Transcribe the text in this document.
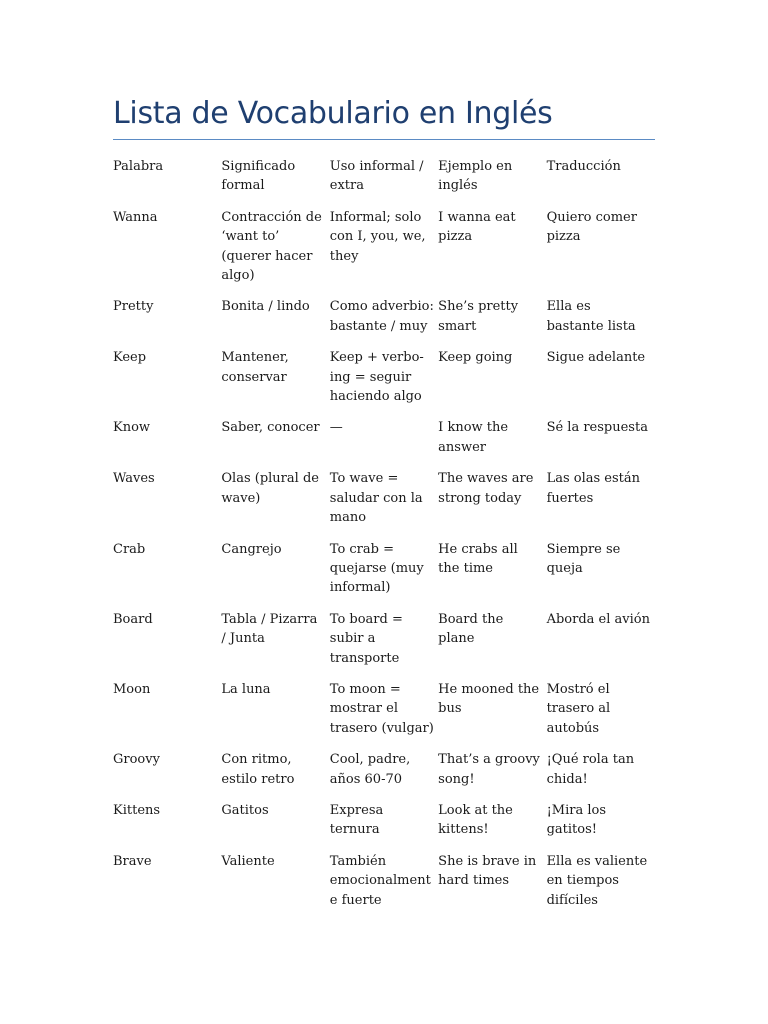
Lista de Vocabulario en Inglés
Palabra	Significado formal	Uso informal / extra	Ejemplo en inglés	Traducción
Wanna	Contracción de ‘want to’ (querer hacer algo)	Informal; solo con I, you, we, they	I wanna eat pizza	Quiero comer pizza
Pretty	Bonita / lindo	Como adverbio: bastante / muy	She’s pretty smart	Ella es bastante lista
Keep	Mantener, conservar	Keep + verbo-ing = seguir haciendo algo	Keep going	Sigue adelante
Know	Saber, conocer	—	I know the answer	Sé la respuesta
Waves	Olas (plural de wave)	To wave = saludar con la mano	The waves are strong today	Las olas están fuertes
Crab	Cangrejo	To crab = quejarse (muy informal)	He crabs all the time	Siempre se queja
Board	Tabla / Pizarra / Junta	To board = subir a transporte	Board the plane	Aborda el avión
Moon	La luna	To moon = mostrar el trasero (vulgar)	He mooned the bus	Mostró el trasero al autobús
Groovy	Con ritmo, estilo retro	Cool, padre, años 60-70	That’s a groovy song!	¡Qué rola tan chida!
Kittens	Gatitos	Expresa ternura	Look at the kittens!	¡Mira los gatitos!
Brave	Valiente	También emocionalmente fuerte	She is brave in hard times	Ella es valiente en tiempos difíciles
